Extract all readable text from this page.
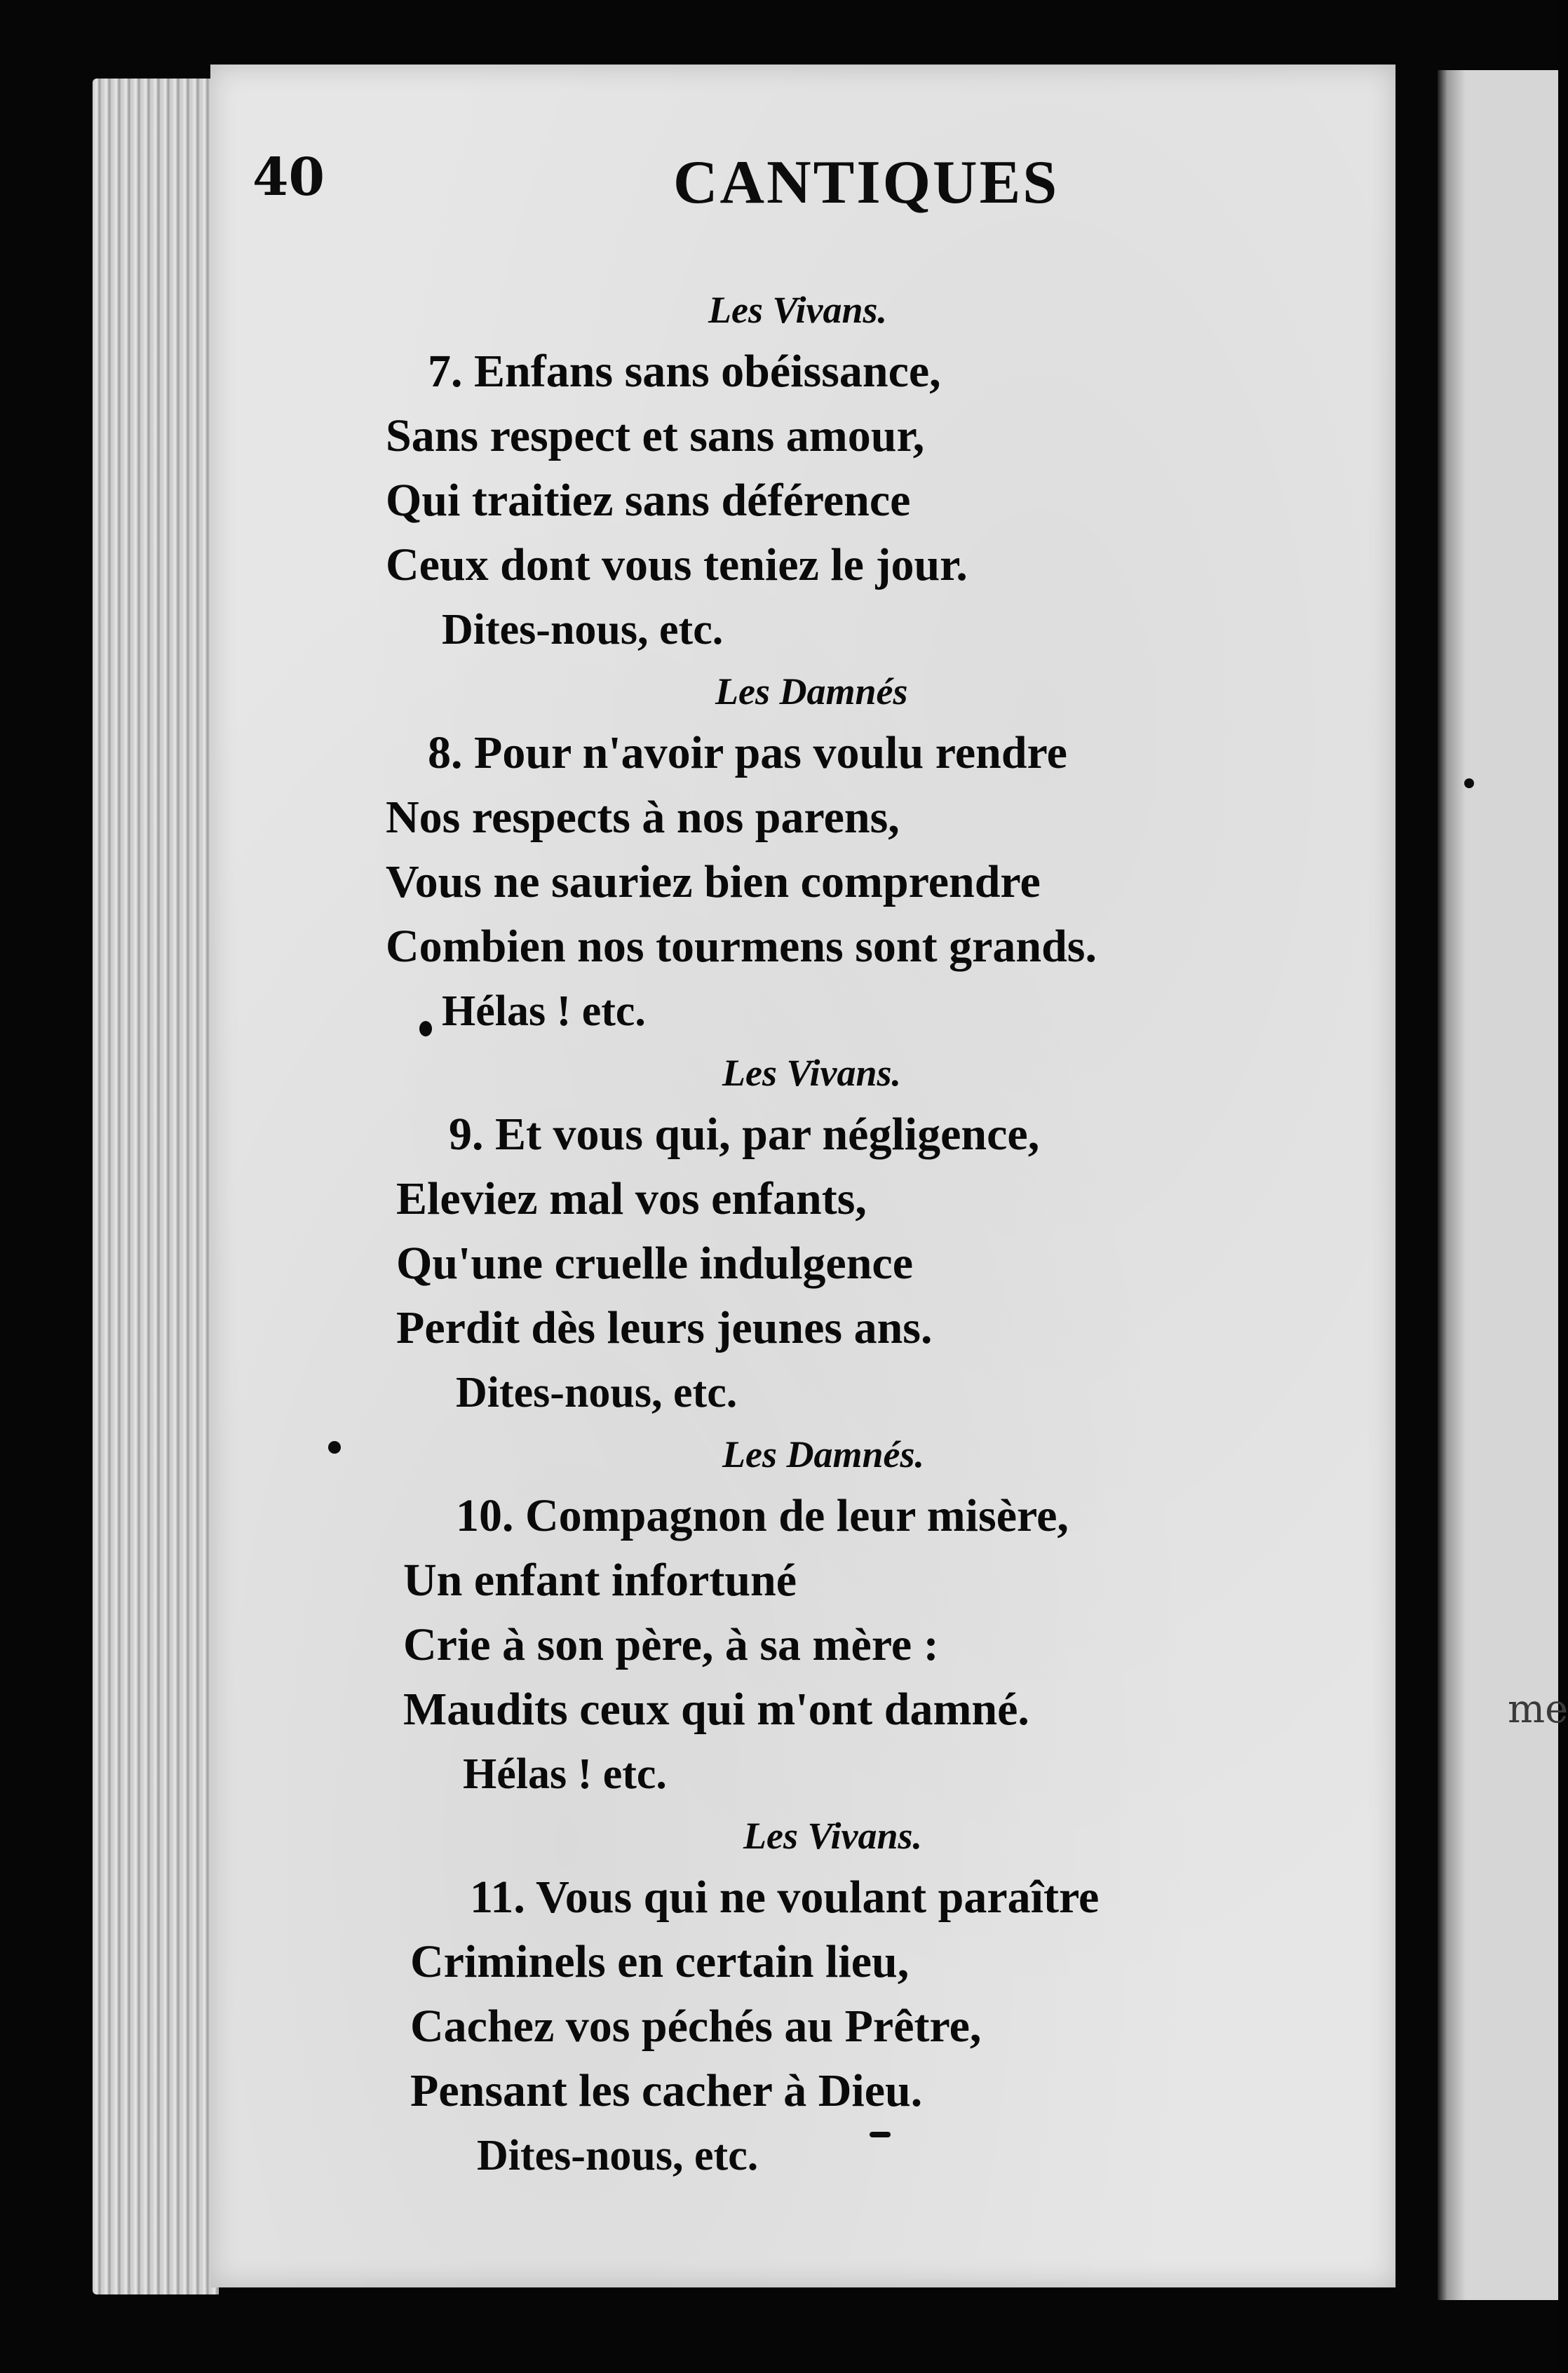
me
40	CANTIQUES
Les Vivans.
7. Enfans sans obéissance,
Sans respect et sans amour,
Qui traitiez sans déférence
Ceux dont vous teniez le jour.
Dites-nous, etc.
Les Damnés
8. Pour n'avoir pas voulu rendre
Nos respects à nos parens,
Vous ne sauriez bien comprendre
Combien nos tourmens sont grands.
Hélas ! etc.
Les Vivans.
9. Et vous qui, par négligence,
Eleviez mal vos enfants,
Qu'une cruelle indulgence
Perdit dès leurs jeunes ans.
Dites-nous, etc.
Les Damnés.
10. Compagnon de leur misère,
Un enfant infortuné
Crie à son père, à sa mère :
Maudits ceux qui m'ont damné.
Hélas ! etc.
Les Vivans.
11. Vous qui ne voulant paraître
Criminels en certain lieu,
Cachez vos péchés au Prêtre,
Pensant les cacher à Dieu.
Dites-nous, etc.
